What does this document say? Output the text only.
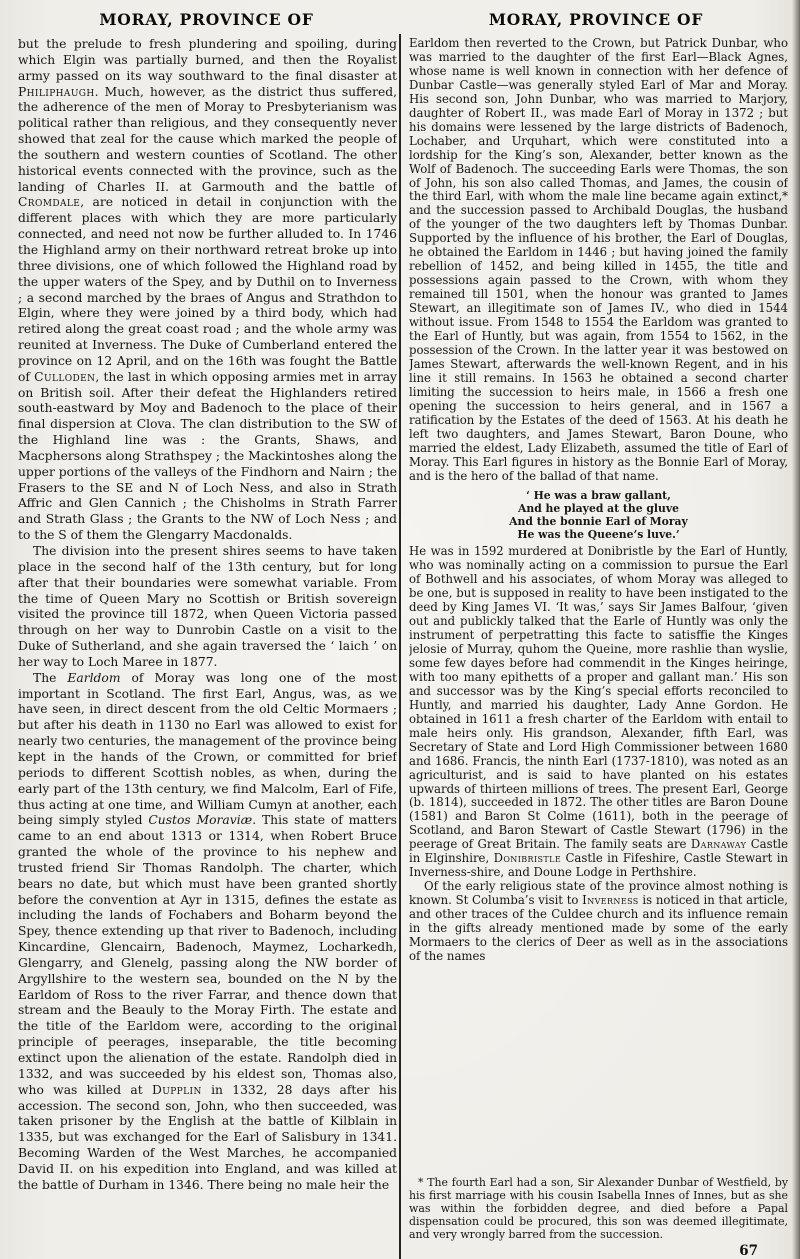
MORAY, PROVINCE OF	MORAY, PROVINCE OF

but the prelude to fresh plundering and spoiling, during which Elgin was partially burned, and then the Royalist army passed on its way southward to the final disaster at Philiphaugh. Much, however, as the district thus suffered, the adherence of the men of Moray to Presbyterianism was political rather than religious, and they consequently never showed that zeal for the cause which marked the people of the southern and western counties of Scotland. The other historical events connected with the province, such as the landing of Charles II. at Garmouth and the battle of Cromdale, are noticed in detail in conjunction with the different places with which they are more particularly connected, and need not now be further alluded to. In 1746 the Highland army on their northward retreat broke up into three divisions, one of which followed the Highland road by the upper waters of the Spey, and by Duthil on to Inverness ; a second marched by the braes of Angus and Strathdon to Elgin, where they were joined by a third body, which had retired along the great coast road ; and the whole army was reunited at Inverness. The Duke of Cumberland entered the province on 12 April, and on the 16th was fought the Battle of Culloden, the last in which opposing armies met in array on British soil. After their defeat the Highlanders retired south-eastward by Moy and Badenoch to the place of their final dispersion at Clova. The clan distribution to the SW of the Highland line was : the Grants, Shaws, and Macphersons along Strathspey ; the Mackintoshes along the upper portions of the valleys of the Findhorn and Nairn ; the Frasers to the SE and N of Loch Ness, and also in Strath Affric and Glen Cannich ; the Chisholms in Strath Farrer and Strath Glass ; the Grants to the NW of Loch Ness ; and to the S of them the Glengarry Macdonalds.

The division into the present shires seems to have taken place in the second half of the 13th century, but for long after that their boundaries were somewhat variable. From the time of Queen Mary no Scottish or British sovereign visited the province till 1872, when Queen Victoria passed through on her way to Dunrobin Castle on a visit to the Duke of Sutherland, and she again traversed the ‘ laich ’ on her way to Loch Maree in 1877.

The Earldom of Moray was long one of the most important in Scotland. The first Earl, Angus, was, as we have seen, in direct descent from the old Celtic Mormaers ; but after his death in 1130 no Earl was allowed to exist for nearly two centuries, the management of the province being kept in the hands of the Crown, or committed for brief periods to different Scottish nobles, as when, during the early part of the 13th century, we find Malcolm, Earl of Fife, thus acting at one time, and William Cumyn at another, each being simply styled Custos Moraviæ. This state of matters came to an end about 1313 or 1314, when Robert Bruce granted the whole of the province to his nephew and trusted friend Sir Thomas Randolph. The charter, which bears no date, but which must have been granted shortly before the convention at Ayr in 1315, defines the estate as including the lands of Fochabers and Boharm beyond the Spey, thence extending up that river to Badenoch, including Kincardine, Glencairn, Badenoch, Maymez, Locharkedh, Glengarry, and Glenelg, passing along the NW border of Argyllshire to the western sea, bounded on the N by the Earldom of Ross to the river Farrar, and thence down that stream and the Beauly to the Moray Firth. The estate and the title of the Earldom were, according to the original principle of peerages, inseparable, the title becoming extinct upon the alienation of the estate. Randolph died in 1332, and was succeeded by his eldest son, Thomas also, who was killed at Dupplin in 1332, 28 days after his accession. The second son, John, who then succeeded, was taken prisoner by the English at the battle of Kilblain in 1335, but was exchanged for the Earl of Salisbury in 1341. Becoming Warden of the West Marches, he accompanied David II. on his expedition into England, and was killed at the battle of Durham in 1346. There being no male heir the

Earldom then reverted to the Crown, but Patrick Dunbar, who was married to the daughter of the first Earl—Black Agnes, whose name is well known in connection with her defence of Dunbar Castle—was generally styled Earl of Mar and Moray. His second son, John Dunbar, who was married to Marjory, daughter of Robert II., was made Earl of Moray in 1372 ; but his domains were lessened by the large districts of Badenoch, Lochaber, and Urquhart, which were constituted into a lordship for the King’s son, Alexander, better known as the Wolf of Badenoch. The succeeding Earls were Thomas, the son of John, his son also called Thomas, and James, the cousin of the third Earl, with whom the male line became again extinct,* and the succession passed to Archibald Douglas, the husband of the younger of the two daughters left by Thomas Dunbar. Supported by the influence of his brother, the Earl of Douglas, he obtained the Earldom in 1446 ; but having joined the family rebellion of 1452, and being killed in 1455, the title and possessions again passed to the Crown, with whom they remained till 1501, when the honour was granted to James Stewart, an illegitimate son of James IV., who died in 1544 without issue. From 1548 to 1554 the Earldom was granted to the Earl of Huntly, but was again, from 1554 to 1562, in the possession of the Crown. In the latter year it was bestowed on James Stewart, afterwards the well-known Regent, and in his line it still remains. In 1563 he obtained a second charter limiting the succession to heirs male, in 1566 a fresh one opening the succession to heirs general, and in 1567 a ratification by the Estates of the deed of 1563. At his death he left two daughters, and James Stewart, Baron Doune, who married the eldest, Lady Elizabeth, assumed the title of Earl of Moray. This Earl figures in history as the Bonnie Earl of Moray, and is the hero of the ballad of that name.

‘ He was a braw gallant,
And he played at the gluve
And the bonnie Earl of Moray
He was the Queene’s luve.’

He was in 1592 murdered at Donibristle by the Earl of Huntly, who was nominally acting on a commission to pursue the Earl of Bothwell and his associates, of whom Moray was alleged to be one, but is supposed in reality to have been instigated to the deed by King James VI. ‘It was,’ says Sir James Balfour, ‘given out and publickly talked that the Earle of Huntly was only the instrument of perpetratting this facte to satisffie the Kinges jelosie of Murray, quhom the Queine, more rashlie than wyslie, some few dayes before had commendit in the Kinges heiringe, with too many epithetts of a proper and gallant man.’ His son and successor was by the King’s special efforts reconciled to Huntly, and married his daughter, Lady Anne Gordon. He obtained in 1611 a fresh charter of the Earldom with entail to male heirs only. His grandson, Alexander, fifth Earl, was Secretary of State and Lord High Commissioner between 1680 and 1686. Francis, the ninth Earl (1737-1810), was noted as an agriculturist, and is said to have planted on his estates upwards of thirteen millions of trees. The present Earl, George (b. 1814), succeeded in 1872. The other titles are Baron Doune (1581) and Baron St Colme (1611), both in the peerage of Scotland, and Baron Stewart of Castle Stewart (1796) in the peerage of Great Britain. The family seats are Darnaway Castle in Elginshire, Donibristle Castle in Fifeshire, Castle Stewart in Inverness-shire, and Doune Lodge in Perthshire.

Of the early religious state of the province almost nothing is known. St Columba’s visit to Inverness is noticed in that article, and other traces of the Culdee church and its influence remain in the gifts already mentioned made by some of the early Mormaers to the clerics of Deer as well as in the associations of the names

* The fourth Earl had a son, Sir Alexander Dunbar of Westfield, by his first marriage with his cousin Isabella Innes of Innes, but as she was within the forbidden degree, and died before a Papal dispensation could be procured, this son was deemed illegitimate, and very wrongly barred from the succession.
67
